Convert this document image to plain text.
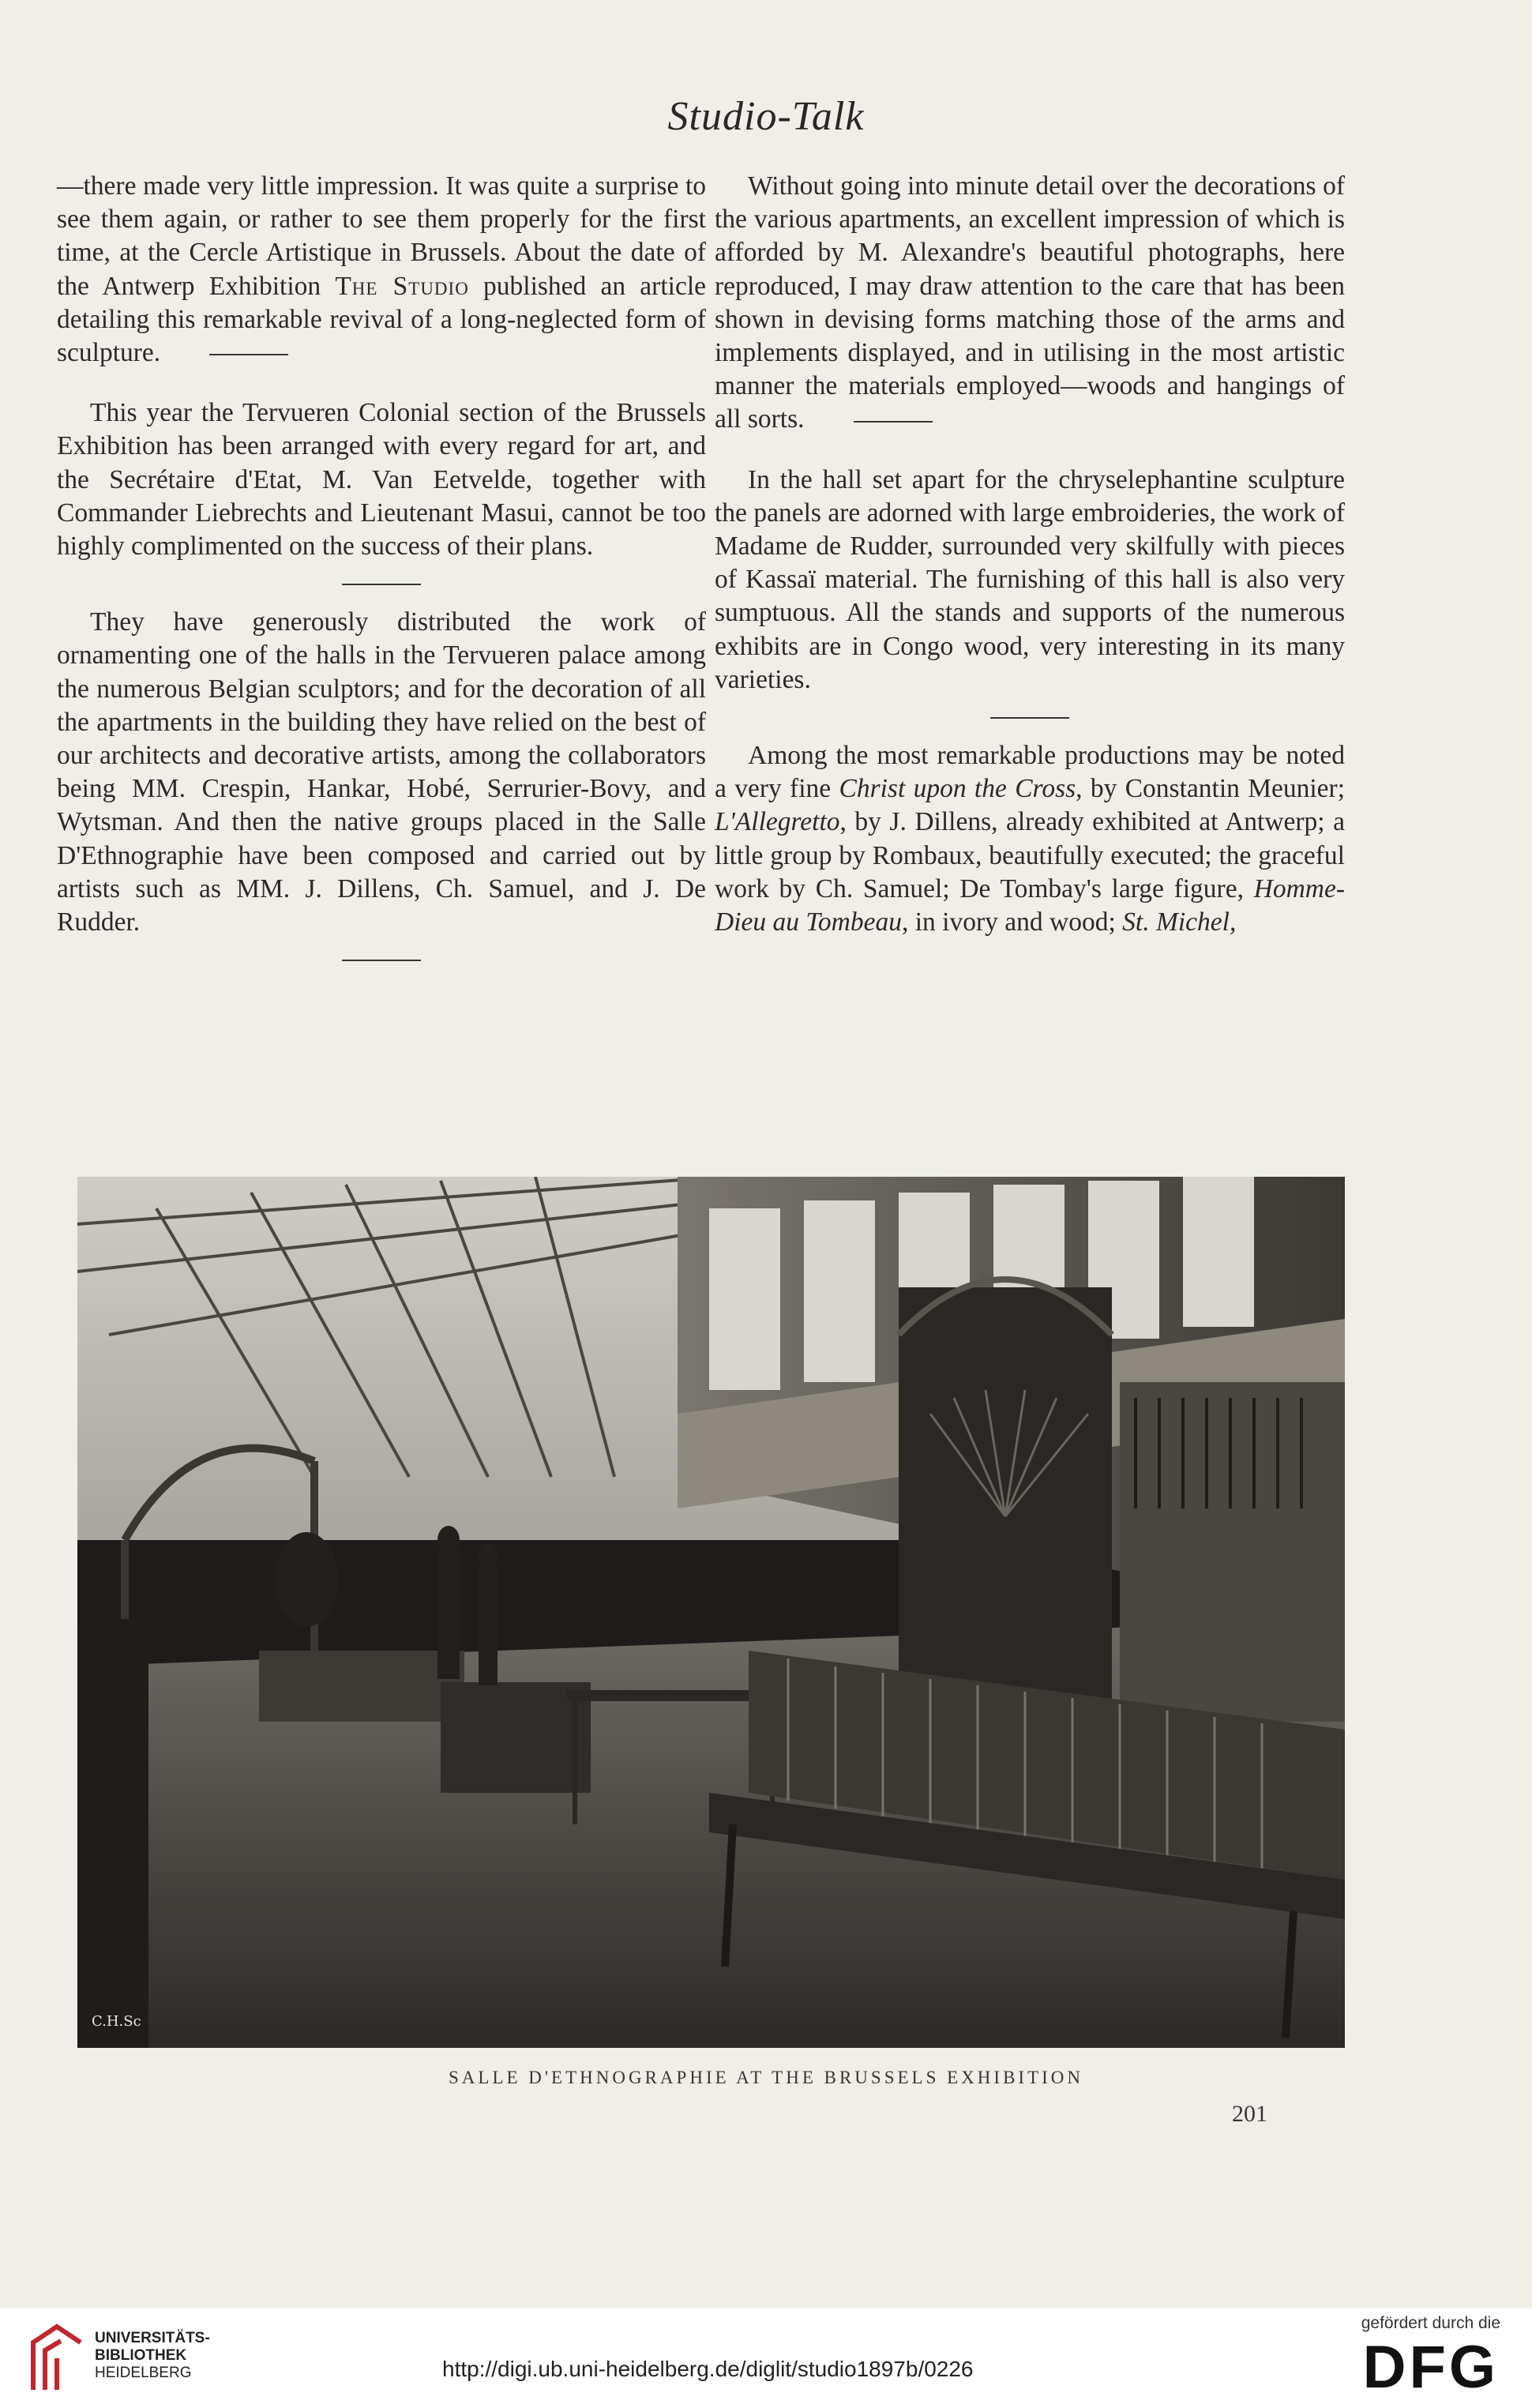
Studio-Talk

—there made very little impression. It was quite a surprise to see them again, or rather to see them properly for the first time, at the Cercle Artistique in Brussels. About the date of the Antwerp Exhibition The Studio published an article detailing this remarkable revival of a long-neglected form of sculpture.

This year the Tervueren Colonial section of the Brussels Exhibition has been arranged with every regard for art, and the Secrétaire d'Etat, M. Van Eetvelde, together with Commander Liebrechts and Lieutenant Masui, cannot be too highly complimented on the success of their plans.

They have generously distributed the work of ornamenting one of the halls in the Tervueren palace among the numerous Belgian sculptors; and for the decoration of all the apartments in the building they have relied on the best of our architects and decorative artists, among the collaborators being MM. Crespin, Hankar, Hobé, Serrurier-Bovy, and Wytsman. And then the native groups placed in the Salle D'Ethnographie have been composed and carried out by artists such as MM. J. Dillens, Ch. Samuel, and J. De Rudder.

Without going into minute detail over the decorations of the various apartments, an excellent impression of which is afforded by M. Alexandre's beautiful photographs, here reproduced, I may draw attention to the care that has been shown in devising forms matching those of the arms and implements displayed, and in utilising in the most artistic manner the materials employed—woods and hangings of all sorts.

In the hall set apart for the chryselephantine sculpture the panels are adorned with large embroideries, the work of Madame de Rudder, surrounded very skilfully with pieces of Kassaï material. The furnishing of this hall is also very sumptuous. All the stands and supports of the numerous exhibits are in Congo wood, very interesting in its many varieties.

Among the most remarkable productions may be noted a very fine Christ upon the Cross, by Constantin Meunier; L'Allegretto, by J. Dillens, already exhibited at Antwerp; a little group by Rombaux, beautifully executed; the graceful work by Ch. Samuel; De Tombay's large figure, Homme-Dieu au Tombeau, in ivory and wood; St. Michel,

C.H.Sc
SALLE D'ETHNOGRAPHIE AT THE BRUSSELS EXHIBITION
201
UNIVERSITÄTS-
BIBLIOTHEK
HEIDELBERG	http://digi.ub.uni-heidelberg.de/diglit/studio1897b/0226
gefördert durch die
DFG
